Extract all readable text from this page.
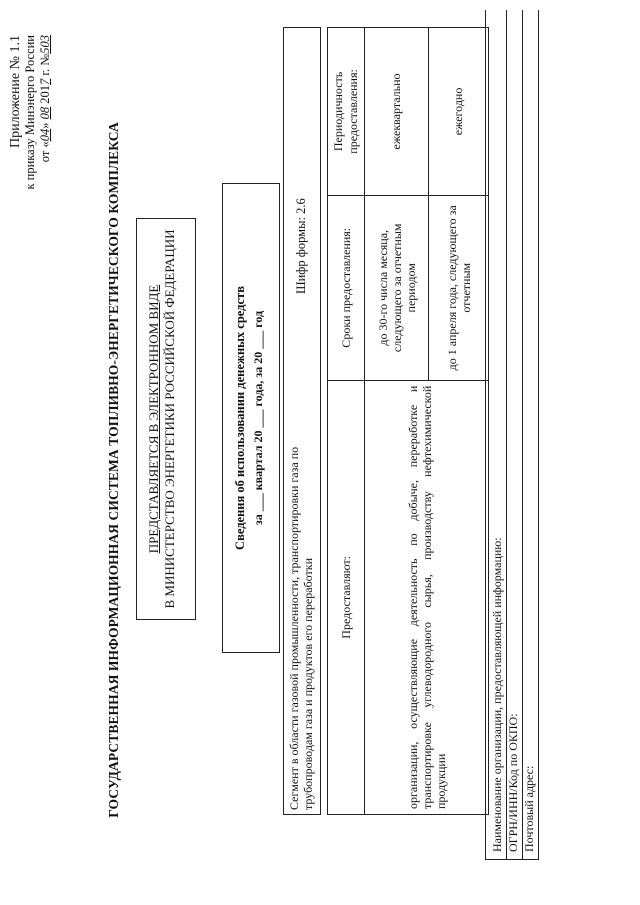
Приложение № 1.1 к приказу Минэнерго России от «04» 08 2017 г. №503
ГОСУДАРСТВЕННАЯ ИНФОРМАЦИОННАЯ СИСТЕМА ТОПЛИВНО-ЭНЕРГЕТИЧЕСКОГО КОМПЛЕКСА ПРЕДСТАВЛЯЕТСЯ В ЭЛЕКТРОННОМ ВИДЕ В МИНИСТЕРСТВО ЭНЕРГЕТИКИ РОССИЙСКОЙ ФЕДЕРАЦИИ	Сведения об использовании денежных средств за ___ квартал 20 ___ года, за 20 ___ год
Сегмент в области газовой промышленности, транспортировки газа по трубопроводам газа и продуктов его переработки
Шифр формы: 2.6
Предоставляют:	Сроки предоставления:	Периодичность предоставления:
организации, осуществляющие деятельность по добыче, переработке и транспортировке углеводородного сырья, производству нефтехимической продукции	до 30-го числа месяца, следующего за отчетным периодом	ежеквартально
	до 1 апреля года, следующего за отчетным	ежегодно
Наименование организации, предоставляющей информацию: ОГРН/ИНН/Код по ОКПО: Почтовый адрес:
